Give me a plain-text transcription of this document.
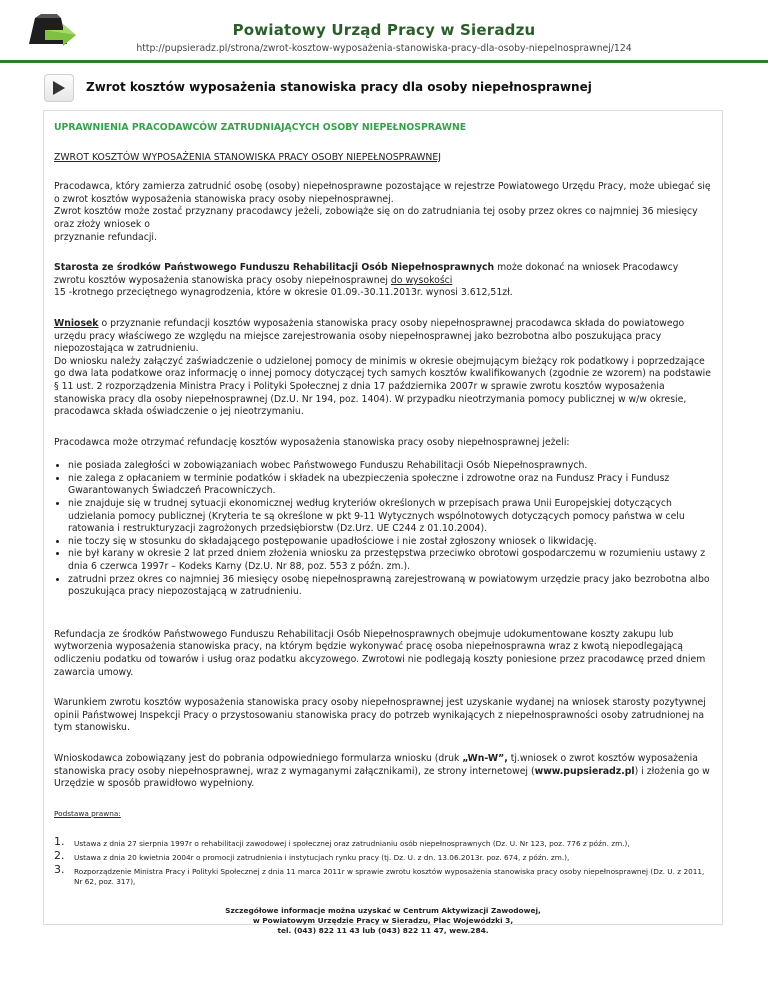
Powiatowy Urząd Pracy w Sieradzu
http://pupsieradz.pl/strona/zwrot-kosztow-wyposażenia-stanowiska-pracy-dla-osoby-niepelnosprawnej/124
Zwrot kosztów wyposażenia stanowiska pracy dla osoby niepełnosprawnej

UPRAWNIENIA PRACODAWCÓW ZATRUDNIAJĄCYCH OSOBY NIEPEŁNOSPRAWNE

ZWROT KOSZTÓW WYPOSAŻENIA STANOWISKA PRACY OSOBY NIEPEŁNOSPRAWNEJ

Pracodawca, który zamierza zatrudnić osobę (osoby) niepełnosprawne pozostające w rejestrze Powiatowego Urzędu Pracy, może ubiegać się o zwrot kosztów wyposażenia stanowiska pracy osoby niepełnosprawnej.
Zwrot kosztów może zostać przyznany pracodawcy jeżeli, zobowiąże się on do zatrudniania tej osoby przez okres co najmniej 36 miesięcy oraz złoży wniosek o
przyznanie refundacji.

Starosta ze środków Państwowego Funduszu Rehabilitacji Osób Niepełnosprawnych może dokonać na wniosek Pracodawcy zwrotu kosztów wyposażenia stanowiska pracy osoby niepełnosprawnej do wysokości
15 -krotnego przeciętnego wynagrodzenia, które w okresie 01.09.-30.11.2013r. wynosi 3.612,51zł.

Wniosek o przyznanie refundacji kosztów wyposażenia stanowiska pracy osoby niepełnosprawnej pracodawca składa do powiatowego urzędu pracy właściwego ze względu na miejsce zarejestrowania osoby niepełnosprawnej jako bezrobotna albo poszukująca pracy niepozostająca w zatrudnieniu.
Do wniosku należy załączyć zaświadczenie o udzielonej pomocy de minimis w okresie obejmującym bieżący rok podatkowy i poprzedzające go dwa lata podatkowe oraz informację o innej pomocy dotyczącej tych samych kosztów kwalifikowanych (zgodnie ze wzorem) na podstawie § 11 ust. 2 rozporządzenia Ministra Pracy i Polityki Społecznej z dnia 17 października 2007r w sprawie zwrotu kosztów wyposażenia stanowiska pracy dla osoby niepełnosprawnej (Dz.U. Nr 194, poz. 1404). W przypadku nieotrzymania pomocy publicznej w w/w okresie, pracodawca składa oświadczenie o jej nieotrzymaniu.

Pracodawca może otrzymać refundację kosztów wyposażenia stanowiska pracy osoby niepełnosprawnej jeżeli:

• nie posiada zaległości w zobowiązaniach wobec Państwowego Funduszu Rehabilitacji Osób Niepełnosprawnych.
• nie zalega z opłacaniem w terminie podatków i składek na ubezpieczenia społeczne i zdrowotne oraz na Fundusz Pracy i Fundusz Gwarantowanych Świadczeń Pracowniczych.
• nie znajduje się w trudnej sytuacji ekonomicznej według kryteriów określonych w przepisach prawa Unii Europejskiej dotyczących udzielania pomocy publicznej (Kryteria te są określone w pkt 9-11 Wytycznych wspólnotowych dotyczących pomocy państwa w celu ratowania i restrukturyzacji zagrożonych przedsiębiorstw (Dz.Urz. UE C244 z 01.10.2004).
• nie toczy się w stosunku do składającego postępowanie upadłościowe i nie został zgłoszony wniosek o likwidację.
• nie był karany w okresie 2 lat przed dniem złożenia wniosku za przestępstwa przeciwko obrotowi gospodarczemu w rozumieniu ustawy z dnia 6 czerwca 1997r – Kodeks Karny (Dz.U. Nr 88, poz. 553 z późn. zm.).
• zatrudni przez okres co najmniej 36 miesięcy osobę niepełnosprawną zarejestrowaną w powiatowym urzędzie pracy jako bezrobotna albo poszukująca pracy niepozostającą w zatrudnieniu.

Refundacja ze środków Państwowego Funduszu Rehabilitacji Osób Niepełnosprawnych obejmuje udokumentowane koszty zakupu lub wytworzenia wyposażenia stanowiska pracy, na którym będzie wykonywać pracę osoba niepełnosprawna wraz z kwotą niepodlegającą odliczeniu podatku od towarów i usług oraz podatku akcyzowego. Zwrotowi nie podlegają koszty poniesione przez pracodawcę przed dniem zawarcia umowy.

Warunkiem zwrotu kosztów wyposażenia stanowiska pracy osoby niepełnosprawnej jest uzyskanie wydanej na wniosek starosty pozytywnej opinii Państwowej Inspekcji Pracy o przystosowaniu stanowiska pracy do potrzeb wynikających z niepełnosprawności osoby zatrudnionej na tym stanowisku.

Wnioskodawca zobowiązany jest do pobrania odpowiedniego formularza wniosku (druk „Wn-W”, tj.wniosek o zwrot kosztów wyposażenia stanowiska pracy osoby niepełnosprawnej, wraz z wymaganymi załącznikami), ze strony internetowej (www.pupsieradz.pl) i złożenia go w Urzędzie w sposób prawidłowo wypełniony.

Podstawa prawna:

1. Ustawa z dnia 27 sierpnia 1997r o rehabilitacji zawodowej i społecznej oraz zatrudnianiu osób niepełnosprawnych (Dz. U. Nr 123, poz. 776 z późn. zm.),
2. Ustawa z dnia 20 kwietnia 2004r o promocji zatrudnienia i instytucjach rynku pracy (tj. Dz. U. z dn. 13.06.2013r. poz. 674, z późn. zm.),
3. Rozporządzenie Ministra Pracy i Polityki Społecznej z dnia 11 marca 2011r w sprawie zwrotu kosztów wyposażenia stanowiska pracy osoby niepełnosprawnej (Dz. U. z 2011, Nr 62, poz. 317),
Szczegółowe informacje można uzyskać w Centrum Aktywizacji Zawodowej,
w Powiatowym Urzędzie Pracy w Sieradzu, Plac Wojewódzki 3,
tel. (043) 822 11 43 lub (043) 822 11 47, wew.284.
